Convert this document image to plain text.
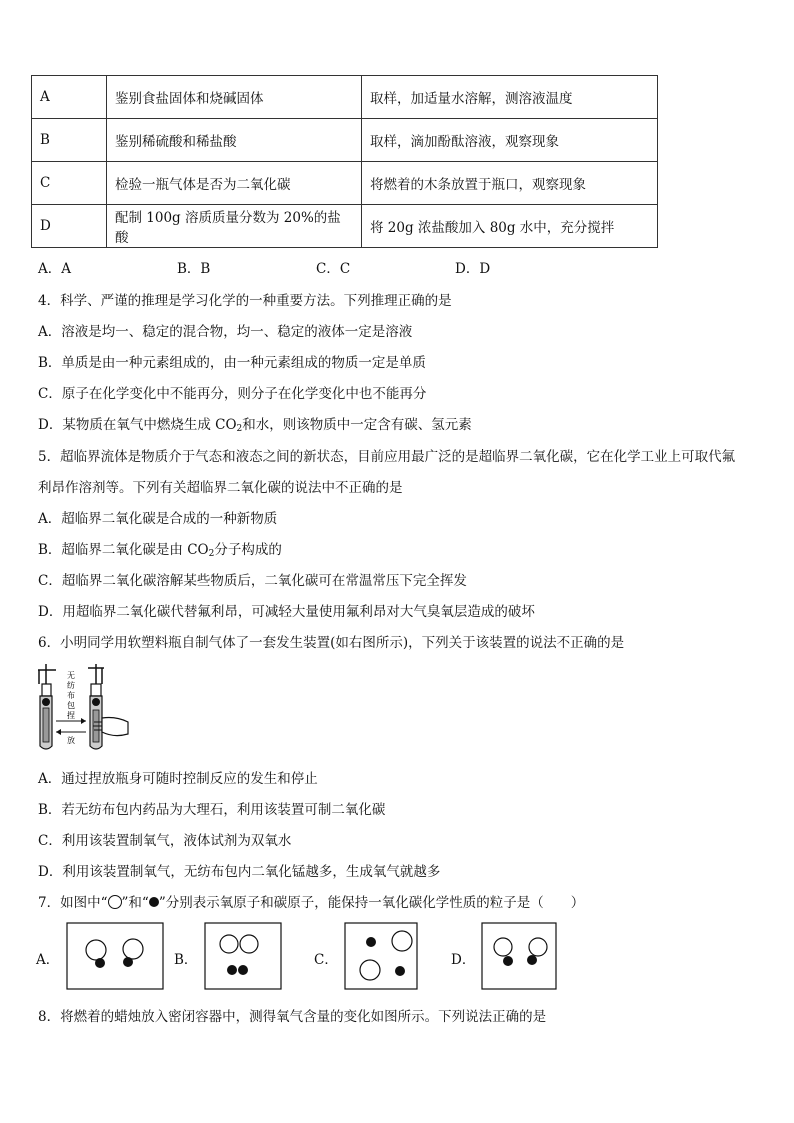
A	鉴别食盐固体和烧碱固体	取样，加适量水溶解，测溶液温度
B	鉴别稀硫酸和稀盐酸	取样，滴加酚酞溶液，观察现象
C	检验一瓶气体是否为二氧化碳	将燃着的木条放置于瓶口，观察现象
D	配制 100g 溶质质量分数为 20%的盐酸	将 20g 浓盐酸加入 80g 水中，充分搅拌
A．A	B．B	C．C	D．D
4．科学、严谨的推理是学习化学的一种重要方法。下列推理正确的是
A．溶液是均一、稳定的混合物，均一、稳定的液体一定是溶液
B．单质是由一种元素组成的，由一种元素组成的物质一定是单质
C．原子在化学变化中不能再分，则分子在化学变化中也不能再分
D．某物质在氧气中燃烧生成 $CO_2$和水，则该物质中一定含有碳、氢元素
5．超临界流体是物质介于气态和液态之间的新状态，目前应用最广泛的是超临界二氧化碳，它在化学工业上可取代氟
利昂作溶剂等。下列有关超临界二氧化碳的说法中不正确的是
A．超临界二氧化碳是合成的一种新物质
B．超临界二氧化碳是由 $CO_2$分子构成的
C．超临界二氧化碳溶解某些物质后，二氧化碳可在常温常压下完全挥发
D．用超临界二氧化碳代替氟利昂，可减轻大量使用氟利昂对大气臭氧层造成的破坏
6．小明同学用软塑料瓶自制气体了一套发生装置(如右图所示)，下列关于该装置的说法不正确的是
无
纺
布
包
捏
放
A．通过捏放瓶身可随时控制反应的发生和停止
B．若无纺布包内药品为大理石，利用该装置可制二氧化碳
C．利用该装置制氧气，液体试剂为双氧水
D．利用该装置制氧气，无纺布包内二氧化锰越多，生成氧气就越多
7．如图中“ ”和“ ”分别表示氧原子和碳原子，能保持一氧化碳化学性质的粒子是（　　）
A．	B．	C．	D．
8．将燃着的蜡烛放入密闭容器中，测得氧气含量的变化如图所示。下列说法正确的是
